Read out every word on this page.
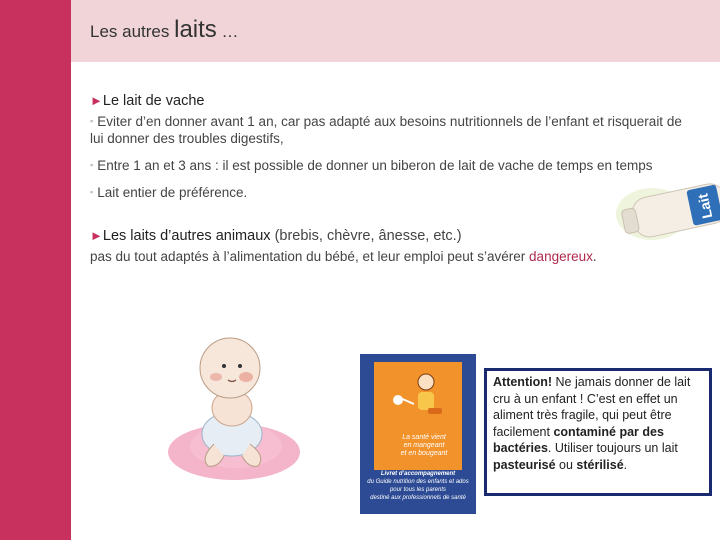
Les autres laits …
►Le lait de vache
▪ Eviter d’en donner avant 1 an, car pas adapté aux besoins nutritionnels de l’enfant et risquerait de lui donner des troubles digestifs,
▪ Entre 1 an et 3 ans : il est possible de donner un biberon de lait de vache de temps en temps
▪ Lait entier de préférence.
►Les laits d’autres animaux (brebis, chèvre, ânesse, etc.)
pas du tout adaptés à l’alimentation du bébé, et leur emploi peut s’avérer dangereux.
Lait
La santé vient
en mangeant
et en bougeant
Livret d’accompagnement
du Guide nutrition des enfants et ados
pour tous les parents
destiné aux professionnels de santé
Attention! Ne jamais donner de lait cru à un enfant ! C’est en effet un aliment très fragile, qui peut être facilement contaminé par des bactéries. Utiliser toujours un lait pasteurisé ou stérilisé.
